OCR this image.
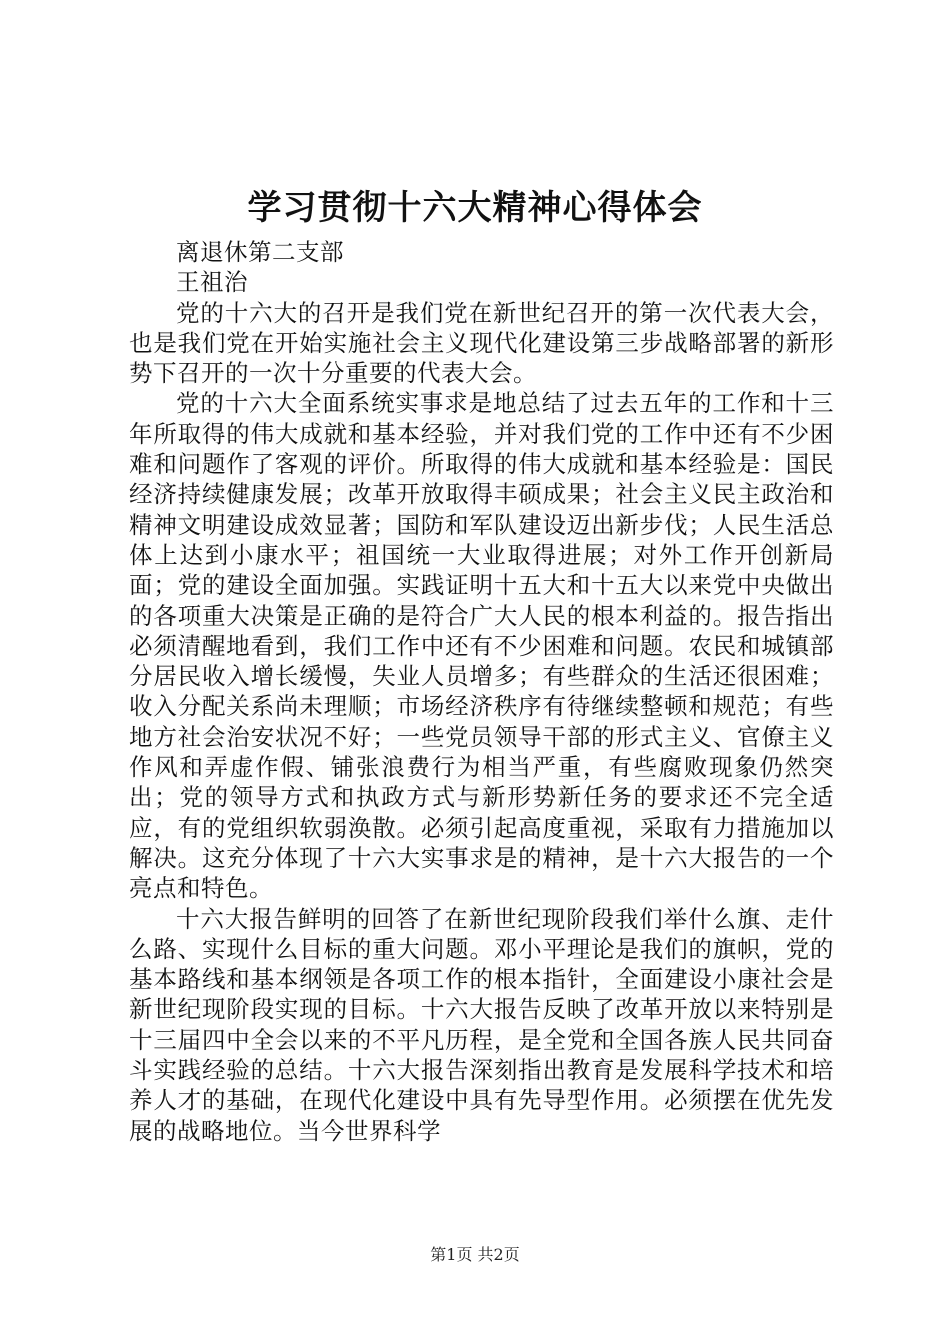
学习贯彻十六大精神心得体会

离退休第二支部

王祖治

党的十六大的召开是我们党在新世纪召开的第一次代表大会，也是我们党在开始实施社会主义现代化建设第三步战略部署的新形势下召开的一次十分重要的代表大会。

党的十六大全面系统实事求是地总结了过去五年的工作和十三年所取得的伟大成就和基本经验，并对我们党的工作中还有不少困难和问题作了客观的评价。所取得的伟大成就和基本经验是：国民经济持续健康发展；改革开放取得丰硕成果；社会主义民主政治和精神文明建设成效显著；国防和军队建设迈出新步伐；人民生活总体上达到小康水平；祖国统一大业取得进展；对外工作开创新局面；党的建设全面加强。实践证明十五大和十五大以来党中央做出的各项重大决策是正确的是符合广大人民的根本利益的。报告指出必须清醒地看到，我们工作中还有不少困难和问题。农民和城镇部分居民收入增长缓慢，失业人员增多；有些群众的生活还很困难；收入分配关系尚未理顺；市场经济秩序有待继续整顿和规范；有些地方社会治安状况不好；一些党员领导干部的形式主义、官僚主义作风和弄虚作假、铺张浪费行为相当严重，有些腐败现象仍然突出；党的领导方式和执政方式与新形势新任务的要求还不完全适应，有的党组织软弱涣散。必须引起高度重视，采取有力措施加以解决。这充分体现了十六大实事求是的精神，是十六大报告的一个亮点和特色。

十六大报告鲜明的回答了在新世纪现阶段我们举什么旗、走什么路、实现什么目标的重大问题。邓小平理论是我们的旗帜，党的基本路线和基本纲领是各项工作的根本指针，全面建设小康社会是新世纪现阶段实现的目标。十六大报告反映了改革开放以来特别是十三届四中全会以来的不平凡历程，是全党和全国各族人民共同奋斗实践经验的总结。十六大报告深刻指出教育是发展科学技术和培养人才的基础，在现代化建设中具有先导型作用。必须摆在优先发展的战略地位。当今世界科学

第1页 共2页
